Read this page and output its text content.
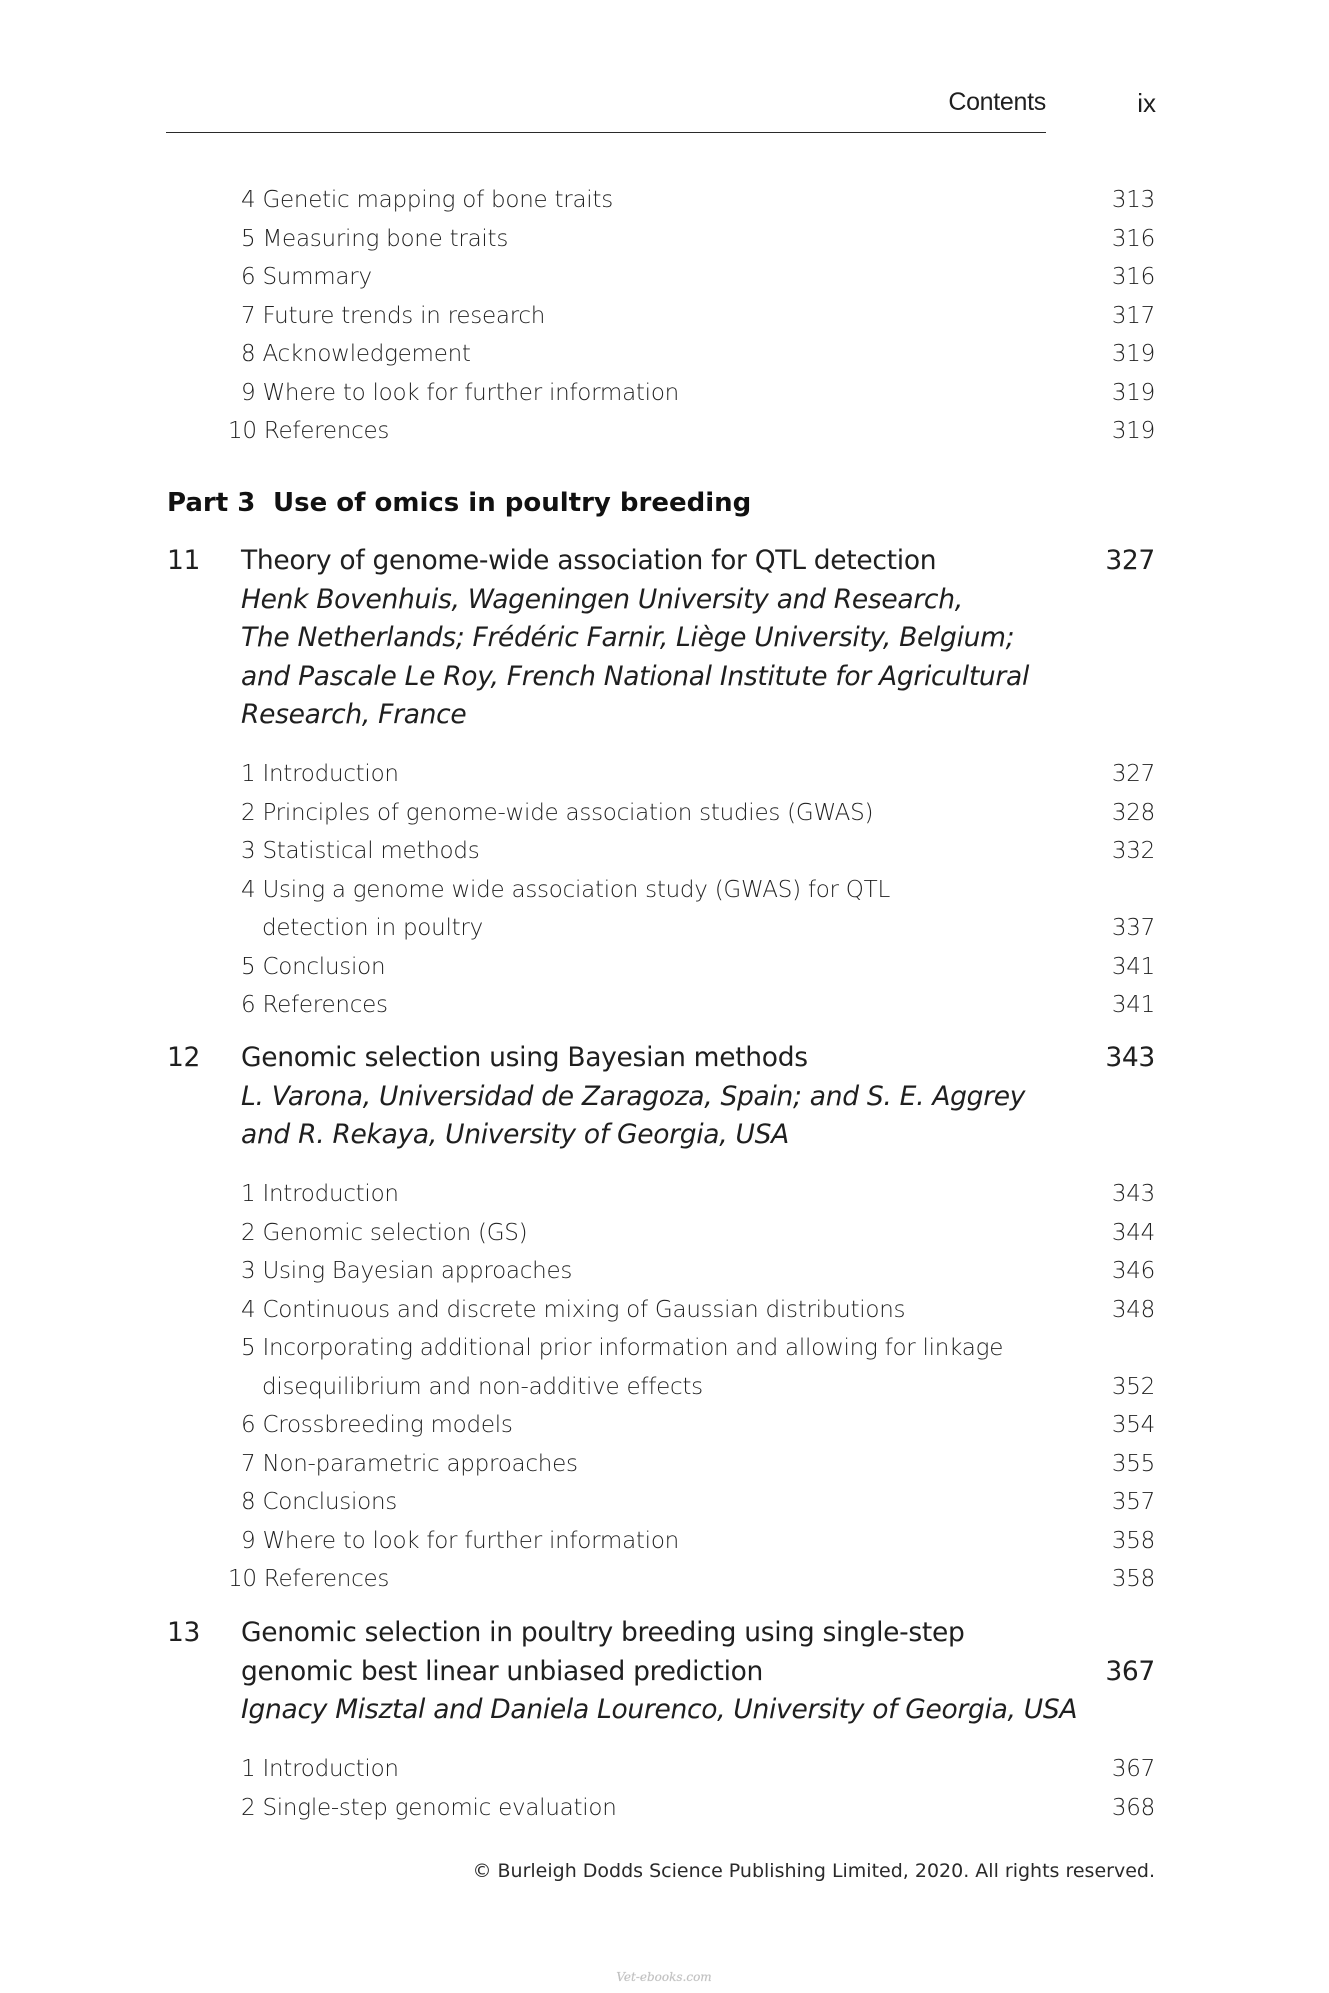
Contents	ix
4 Genetic mapping of bone traits	313
5 Measuring bone traits	316
6 Summary	316
7 Future trends in research	317
8 Acknowledgement	319
9 Where to look for further information	319
10 References	319
Part 3 Use of omics in poultry breeding
11 Theory of genome-wide association for QTL detection	327
Henk Bovenhuis, Wageningen University and Research,
The Netherlands; Frédéric Farnir, Liège University, Belgium;
and Pascale Le Roy, French National Institute for Agricultural
Research, France
1 Introduction	327
2 Principles of genome-wide association studies (GWAS)	328
3 Statistical methods	332
4 Using a genome wide association study (GWAS) for QTL
detection in poultry	337
5 Conclusion	341
6 References	341
12 Genomic selection using Bayesian methods	343
L. Varona, Universidad de Zaragoza, Spain; and S. E. Aggrey
and R. Rekaya, University of Georgia, USA
1 Introduction	343
2 Genomic selection (GS)	344
3 Using Bayesian approaches	346
4 Continuous and discrete mixing of Gaussian distributions	348
5 Incorporating additional prior information and allowing for linkage
disequilibrium and non-additive effects	352
6 Crossbreeding models	354
7 Non-parametric approaches	355
8 Conclusions	357
9 Where to look for further information	358
10 References	358
13 Genomic selection in poultry breeding using single-step
genomic best linear unbiased prediction	367
Ignacy Misztal and Daniela Lourenco, University of Georgia, USA
1 Introduction	367
2 Single-step genomic evaluation	368
© Burleigh Dodds Science Publishing Limited, 2020. All rights reserved.
Vet-ebooks.com
